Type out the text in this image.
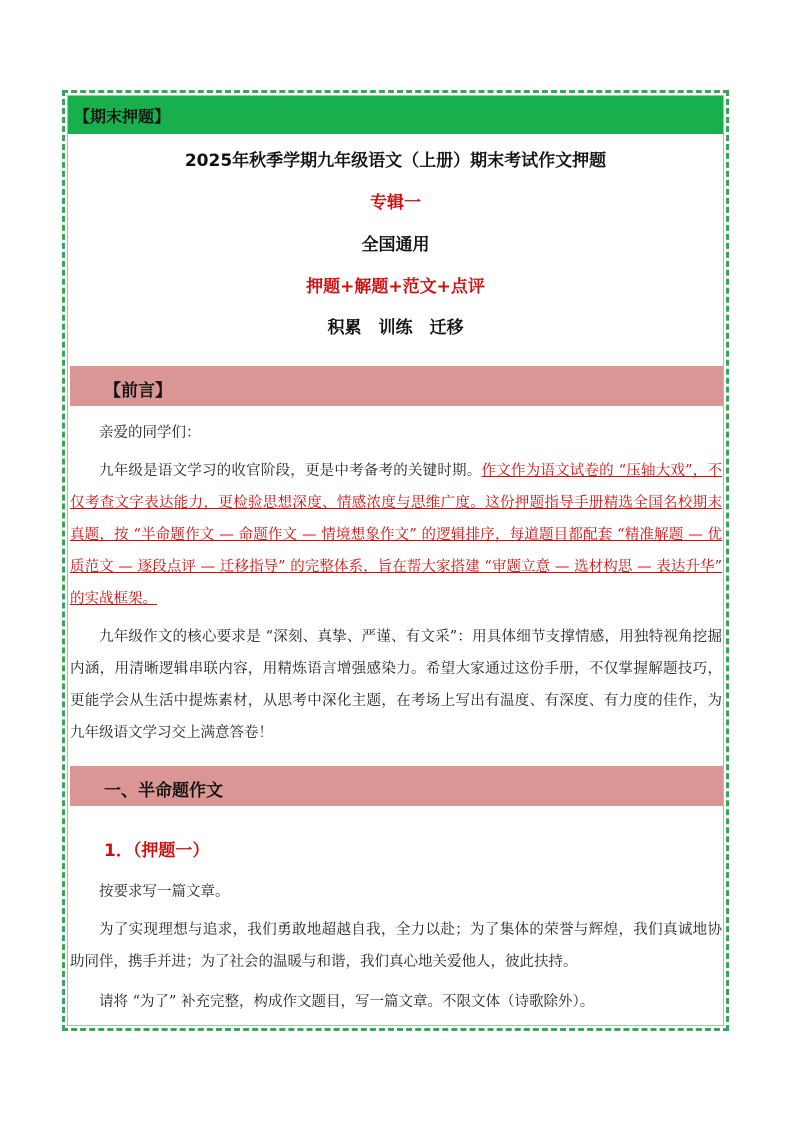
【期末押题】
2025年秋季学期九年级语文（上册）期末考试作文押题
专辑一
全国通用
押题+解题+范文+点评
积累　训练　迁移
【前言】
亲爱的同学们：
九年级是语文学习的收官阶段，更是中考备考的关键时期。作文作为语文试卷的 “压轴大戏”，不仅考查文字表达能力，更检验思想深度、情感浓度与思维广度。这份押题指导手册精选全国名校期末真题，按 “半命题作文 — 命题作文 — 情境想象作文” 的逻辑排序，每道题目都配套 “精准解题 — 优质范文 — 逐段点评 — 迁移指导” 的完整体系，旨在帮大家搭建 “审题立意 — 选材构思 — 表达升华” 的实战框架。
九年级作文的核心要求是 “深刻、真挚、严谨、有文采”：用具体细节支撑情感，用独特视角挖掘内涵，用清晰逻辑串联内容，用精炼语言增强感染力。希望大家通过这份手册，不仅掌握解题技巧，更能学会从生活中提炼素材，从思考中深化主题，在考场上写出有温度、有深度、有力度的佳作，为九年级语文学习交上满意答卷！
一、半命题作文
1．（押题一）
按要求写一篇文章。
为了实现理想与追求，我们勇敢地超越自我，全力以赴；为了集体的荣誉与辉煌，我们真诚地协助同伴，携手并进；为了社会的温暖与和谐，我们真心地关爱他人，彼此扶持。
请将 “为了” 补充完整，构成作文题目，写一篇文章。不限文体（诗歌除外）。
